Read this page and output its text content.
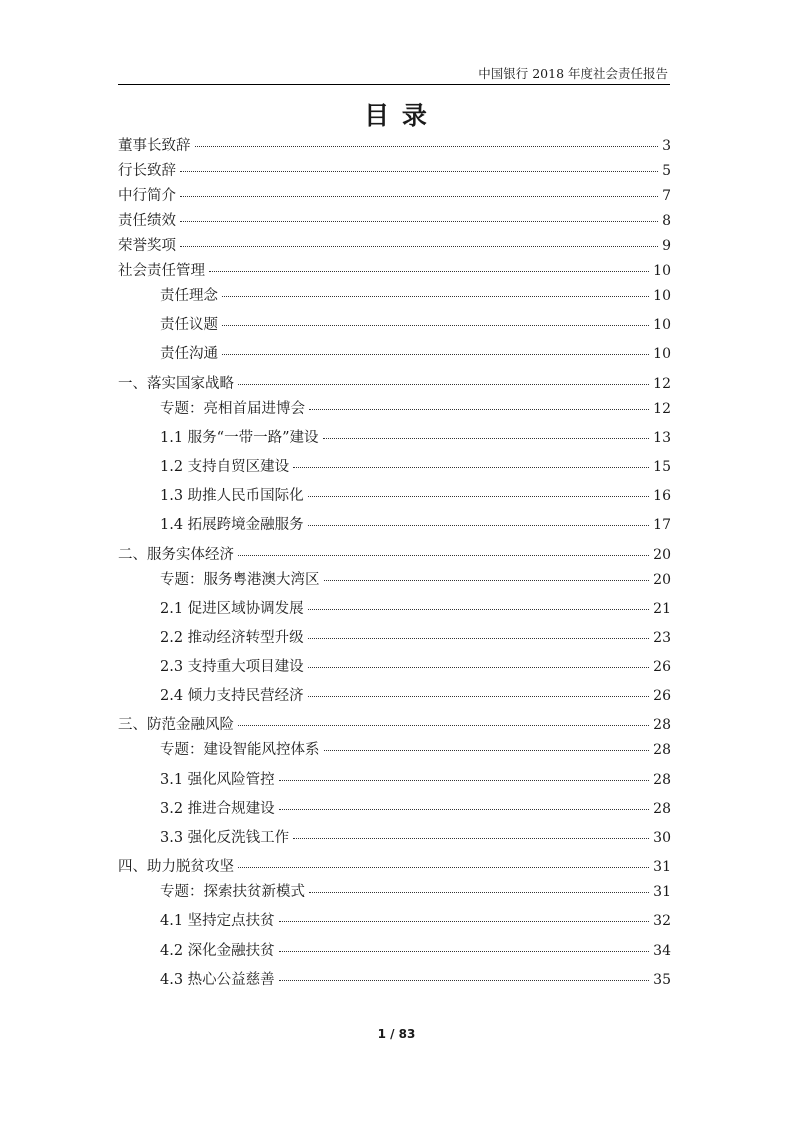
中国银行 2018 年度社会责任报告
目 录
董事长致辞	3
行长致辞	5
中行简介	7
责任绩效	8
荣誉奖项	9
社会责任管理	10
责任理念	10
责任议题	10
责任沟通	10
一、落实国家战略	12
专题：亮相首届进博会	12
1.1 服务“一带一路”建设	13
1.2 支持自贸区建设	15
1.3 助推人民币国际化	16
1.4 拓展跨境金融服务	17
二、服务实体经济	20
专题：服务粤港澳大湾区	20
2.1 促进区域协调发展	21
2.2 推动经济转型升级	23
2.3 支持重大项目建设	26
2.4 倾力支持民营经济	26
三、防范金融风险	28
专题：建设智能风控体系	28
3.1 强化风险管控	28
3.2 推进合规建设	28
3.3 强化反洗钱工作	30
四、助力脱贫攻坚	31
专题：探索扶贫新模式	31
4.1 坚持定点扶贫	32
4.2 深化金融扶贫	34
4.3 热心公益慈善	35
1 / 83
